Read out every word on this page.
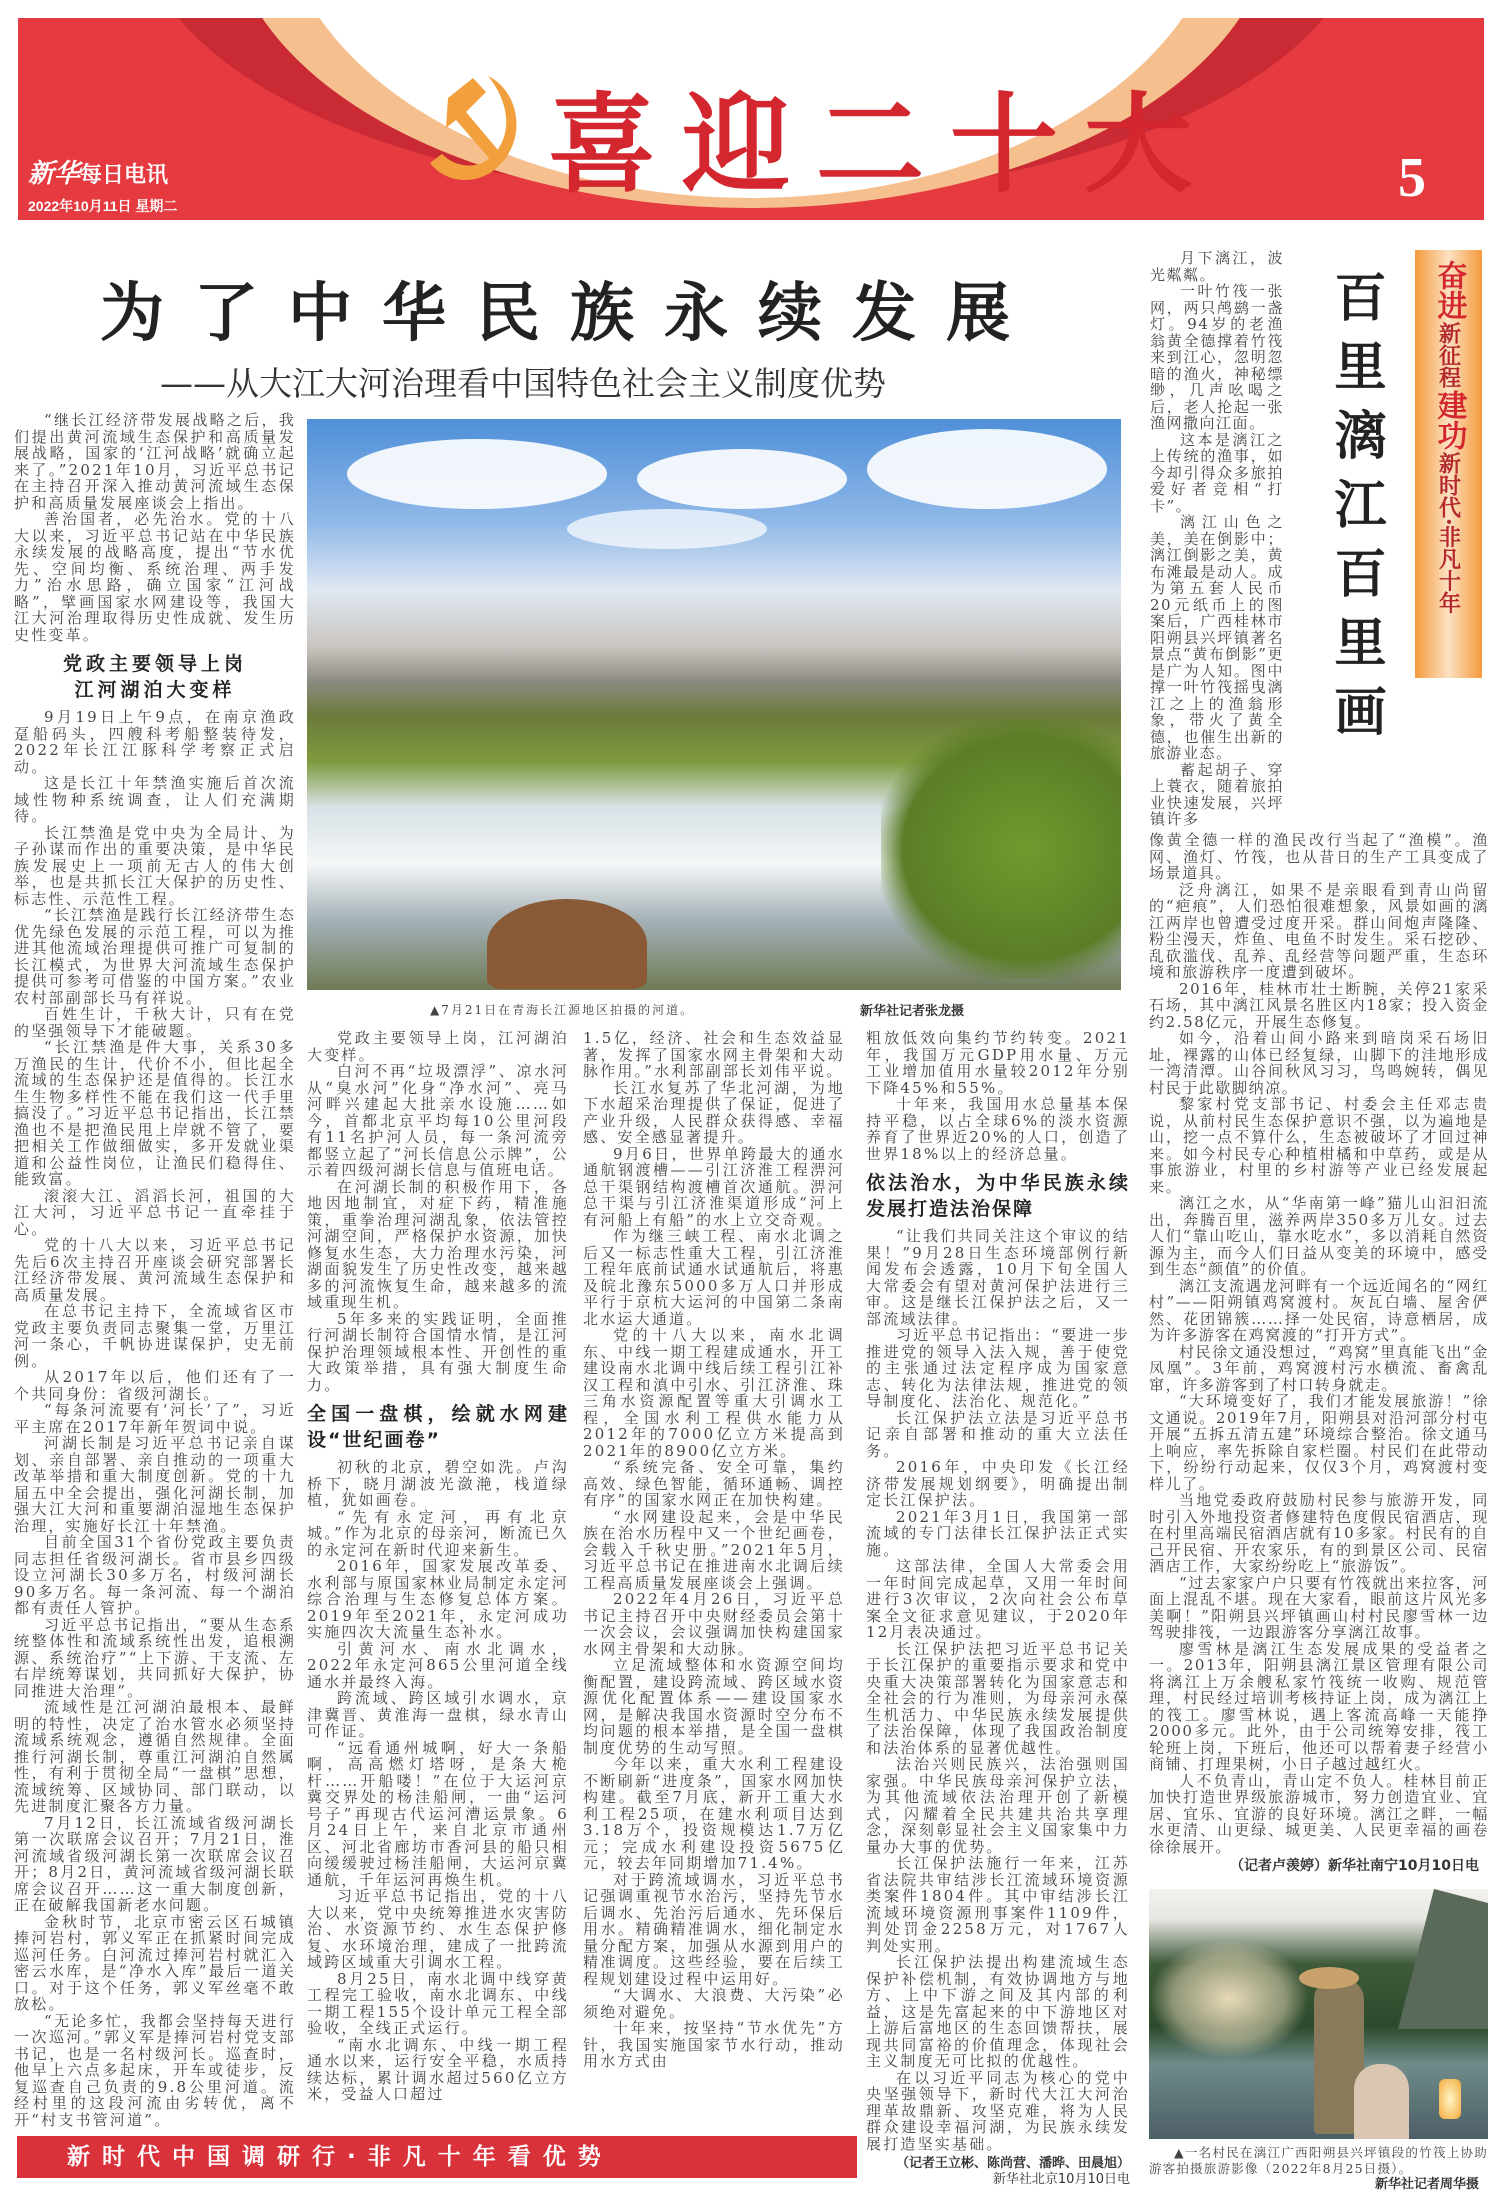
喜迎二十大
新华每日电讯
2022年10月11日 星期二	5
为了中华民族永续发展
——从大江大河治理看中国特色社会主义制度优势
▲7月21日在青海长江源地区拍摄的河道。	新华社记者张龙摄

“继长江经济带发展战略之后，我们提出黄河流域生态保护和高质量发展战略，国家的‘江河战略’就确立起来了。”2021年10月，习近平总书记在主持召开深入推动黄河流域生态保护和高质量发展座谈会上指出。

善治国者，必先治水。党的十八大以来，习近平总书记站在中华民族永续发展的战略高度，提出“节水优先、空间均衡、系统治理、两手发力”治水思路，确立国家“江河战略”，擘画国家水网建设等，我国大江大河治理取得历史性成就、发生历史性变革。

党政主要领导上岗
江河湖泊大变样

9月19日上午9点，在南京渔政趸船码头，四艘科考船整装待发，2022年长江江豚科学考察正式启动。

这是长江十年禁渔实施后首次流域性物种系统调查，让人们充满期待。

长江禁渔是党中央为全局计、为子孙谋而作出的重要决策，是中华民族发展史上一项前无古人的伟大创举，也是共抓长江大保护的历史性、标志性、示范性工程。

“长江禁渔是践行长江经济带生态优先绿色发展的示范工程，可以为推进其他流域治理提供可推广可复制的长江模式，为世界大河流域生态保护提供可参考可借鉴的中国方案。”农业农村部副部长马有祥说。

百姓生计，千秋大计，只有在党的坚强领导下才能破题。

“长江禁渔是件大事，关系30多万渔民的生计，代价不小，但比起全流域的生态保护还是值得的。长江水生生物多样性不能在我们这一代手里搞没了。”习近平总书记指出，长江禁渔也不是把渔民甩上岸就不管了，要把相关工作做细做实，多开发就业渠道和公益性岗位，让渔民们稳得住、能致富。

滚滚大江、滔滔长河，祖国的大江大河，习近平总书记一直牵挂于心。

党的十八大以来，习近平总书记先后6次主持召开座谈会研究部署长江经济带发展、黄河流域生态保护和高质量发展。

在总书记主持下，全流域省区市党政主要负责同志聚集一堂，万里江河一条心，千帆协进谋保护，史无前例。

从2017年以后，他们还有了一个共同身份：省级河湖长。

“每条河流要有‘河长’了”，习近平主席在2017年新年贺词中说。

河湖长制是习近平总书记亲自谋划、亲自部署、亲自推动的一项重大改革举措和重大制度创新。党的十九届五中全会提出，强化河湖长制，加强大江大河和重要湖泊湿地生态保护治理，实施好长江十年禁渔。

目前全国31个省份党政主要负责同志担任省级河湖长。省市县乡四级设立河湖长30多万名，村级河湖长90多万名。每一条河流、每一个湖泊都有责任人管护。

习近平总书记指出，“要从生态系统整体性和流域系统性出发，追根溯源、系统治疗”“上下游、干支流、左右岸统筹谋划，共同抓好大保护，协同推进大治理”。

流域性是江河湖泊最根本、最鲜明的特性，决定了治水管水必须坚持流域系统观念，遵循自然规律。全面推行河湖长制，尊重江河湖泊自然属性，有利于贯彻全局“一盘棋”思想，流域统筹、区域协同、部门联动，以先进制度汇聚各方力量。

7月12日，长江流域省级河湖长第一次联席会议召开；7月21日，淮河流域省级河湖长第一次联席会议召开；8月2日，黄河流域省级河湖长联席会议召开……这一重大制度创新，正在破解我国新老水问题。

金秋时节，北京市密云区石城镇捧河岩村，郭义军正在抓紧时间完成巡河任务。白河流过捧河岩村就汇入密云水库，是“净水入库”最后一道关口。对于这个任务，郭义军丝毫不敢放松。

“无论多忙，我都会坚持每天进行一次巡河。”郭义军是捧河岩村党支部书记，也是一名村级河长。巡查时，他早上六点多起床，开车或徒步，反复巡查自己负责的9.8公里河道。流经村里的这段河流由劣转优，离不开“村支书管河道”。

党政主要领导上岗，江河湖泊大变样。

白河不再“垃圾漂浮”、凉水河从“臭水河”化身“净水河”、亮马河畔兴建起大批亲水设施……如今，首都北京平均每10公里河段有11名护河人员，每一条河流旁都竖立起了“河长信息公示牌”，公示着四级河湖长信息与值班电话。

在河湖长制的积极作用下，各地因地制宜，对症下药，精准施策，重拳治理河湖乱象，依法管控河湖空间，严格保护水资源，加快修复水生态，大力治理水污染，河湖面貌发生了历史性改变，越来越多的河流恢复生命，越来越多的流域重现生机。

5年多来的实践证明，全面推行河湖长制符合国情水情，是江河保护治理领域根本性、开创性的重大政策举措，具有强大制度生命力。

全国一盘棋，绘就水网建设“世纪画卷”

初秋的北京，碧空如洗。卢沟桥下，晓月湖波光潋滟，栈道绿植，犹如画卷。

“先有永定河，再有北京城。”作为北京的母亲河，断流已久的永定河在新时代迎来新生。

2016年，国家发展改革委、水利部与原国家林业局制定永定河综合治理与生态修复总体方案。2019年至2021年，永定河成功实施四次大流量生态补水。

引黄河水、南水北调水，2022年永定河865公里河道全线通水并最终入海。

跨流域、跨区域引水调水，京津冀晋、黄淮海一盘棋，绿水青山可作证。

“远看通州城啊，好大一条船啊，高高燃灯塔呀，是条大桅杆……开船喽！”在位于大运河京冀交界处的杨洼船闸，一曲“运河号子”再现古代运河漕运景象。6月24日上午，来自北京市通州区、河北省廊坊市香河县的船只相向缓缓驶过杨洼船闸，大运河京冀通航，千年运河再焕生机。

习近平总书记指出，党的十八大以来，党中央统筹推进水灾害防治、水资源节约、水生态保护修复、水环境治理，建成了一批跨流域跨区域重大引调水工程。

8月25日，南水北调中线穿黄工程完工验收，南水北调东、中线一期工程155个设计单元工程全部验收，全线正式运行。

“南水北调东、中线一期工程通水以来，运行安全平稳，水质持续达标，累计调水超过560亿立方米，受益人口超过

1.5亿，经济、社会和生态效益显著，发挥了国家水网主骨架和大动脉作用。”水利部副部长刘伟平说。

长江水复苏了华北河湖，为地下水超采治理提供了保证，促进了产业升级，人民群众获得感、幸福感、安全感显著提升。

9月6日，世界单跨最大的通水通航钢渡槽——引江济淮工程淠河总干渠钢结构渡槽首次通航。淠河总干渠与引江济淮渠道形成“河上有河船上有船”的水上立交奇观。

作为继三峡工程、南水北调之后又一标志性重大工程，引江济淮工程年底前试通水试通航后，将惠及皖北豫东5000多万人口并形成平行于京杭大运河的中国第二条南北水运大通道。

党的十八大以来，南水北调东、中线一期工程建成通水，开工建设南水北调中线后续工程引江补汉工程和滇中引水、引江济淮、珠三角水资源配置等重大引调水工程，全国水利工程供水能力从2012年的7000亿立方米提高到2021年的8900亿立方米。

“系统完备、安全可靠，集约高效、绿色智能，循环通畅、调控有序”的国家水网正在加快构建。

“水网建设起来，会是中华民族在治水历程中又一个世纪画卷，会载入千秋史册。”2021年5月，习近平总书记在推进南水北调后续工程高质量发展座谈会上强调。

2022年4月26日，习近平总书记主持召开中央财经委员会第十一次会议，会议强调加快构建国家水网主骨架和大动脉。

立足流域整体和水资源空间均衡配置，建设跨流域、跨区域水资源优化配置体系——建设国家水网，是解决我国水资源时空分布不均问题的根本举措，是全国一盘棋制度优势的生动写照。

今年以来，重大水利工程建设不断刷新“进度条”，国家水网加快构建。截至7月底，新开工重大水利工程25项，在建水利项目达到3.18万个，投资规模达1.7万亿元；完成水利建设投资5675亿元，较去年同期增加71.4%。

对于跨流域调水，习近平总书记强调重视节水治污，坚持先节水后调水、先治污后通水、先环保后用水。精确精准调水，细化制定水量分配方案，加强从水源到用户的精准调度。这些经验，要在后续工程规划建设过程中运用好。

“大调水、大浪费、大污染”必须绝对避免。

十年来，按坚持“节水优先”方针，我国实施国家节水行动，推动用水方式由

粗放低效向集约节约转变。2021年，我国万元GDP用水量、万元工业增加值用水量较2012年分别下降45%和55%。

十年来，我国用水总量基本保持平稳，以占全球6%的淡水资源养育了世界近20%的人口，创造了世界18%以上的经济总量。

依法治水，为中华民族永续发展打造法治保障

“让我们共同关注这个审议的结果！”9月28日生态环境部例行新闻发布会透露，10月下旬全国人大常委会有望对黄河保护法进行三审。这是继长江保护法之后，又一部流域法律。

习近平总书记指出：“要进一步推进党的领导入法入规，善于使党的主张通过法定程序成为国家意志、转化为法律法规，推进党的领导制度化、法治化、规范化。”

长江保护法立法是习近平总书记亲自部署和推动的重大立法任务。

2016年，中央印发《长江经济带发展规划纲要》，明确提出制定长江保护法。

2021年3月1日，我国第一部流域的专门法律长江保护法正式实施。

这部法律，全国人大常委会用一年时间完成起草，又用一年时间进行3次审议，2次向社会公布草案全文征求意见建议，于2020年12月表决通过。

长江保护法把习近平总书记关于长江保护的重要指示要求和党中央重大决策部署转化为国家意志和全社会的行为准则，为母亲河永葆生机活力、中华民族永续发展提供了法治保障，体现了我国政治制度和法治体系的显著优越性。

法治兴则民族兴，法治强则国家强。中华民族母亲河保护立法，为其他流域依法治理开创了新模式，闪耀着全民共建共治共享理念，深刻彰显社会主义国家集中力量办大事的优势。

长江保护法施行一年来，江苏省法院共审结涉长江流域环境资源类案件1804件。其中审结涉长江流域环境资源刑事案件1109件，判处罚金2258万元，对1767人判处实刑。

长江保护法提出构建流域生态保护补偿机制，有效协调地方与地方、上中下游之间及其内部的利益，这是先富起来的中下游地区对上游后富地区的生态回馈帮扶，展现共同富裕的价值理念，体现社会主义制度无可比拟的优越性。

在以习近平同志为核心的党中央坚强领导下，新时代大江大河治理革故鼎新、攻坚克难，将为人民群众建设幸福河湖，为民族永续发展打造坚实基础。

（记者王立彬、陈尚营、潘晔、田晨旭）
新华社北京10月10日电

月下漓江，波光粼粼。

一叶竹筏一张网，两只鸬鹚一盏灯。94岁的老渔翁黄全德撑着竹筏来到江心，忽明忽暗的渔火，神秘缥缈，几声吆喝之后，老人抡起一张渔网撒向江面。

这本是漓江之上传统的渔事，如今却引得众多旅拍爱好者竞相“打卡”。

漓江山色之美，美在倒影中；漓江倒影之美，黄布滩最是动人。成为第五套人民币20元纸币上的图案后，广西桂林市阳朔县兴坪镇著名景点“黄布倒影”更是广为人知。图中撑一叶竹筏摇曳漓江之上的渔翁形象，带火了黄全德，也催生出新的旅游业态。

蓄起胡子、穿上蓑衣，随着旅拍业快速发展，兴坪镇许多

百里漓江百里画 奋进
新征程
建功
新时代·非凡十年

像黄全德一样的渔民改行当起了“渔模”。渔网、渔灯、竹筏，也从昔日的生产工具变成了场景道具。

泛舟漓江，如果不是亲眼看到青山尚留的“疤痕”，人们恐怕很难想象，风景如画的漓江两岸也曾遭受过度开采。群山间炮声隆隆、粉尘漫天，炸鱼、电鱼不时发生。采石挖砂、乱砍滥伐、乱养、乱经营等问题严重，生态环境和旅游秩序一度遭到破坏。

2016年，桂林市壮士断腕，关停21家采石场，其中漓江风景名胜区内18家；投入资金约2.58亿元，开展生态修复。

如今，沿着山间小路来到暗岗采石场旧址，裸露的山体已经复绿，山脚下的洼地形成一湾清潭。山谷间秋风习习，鸟鸣婉转，偶见村民于此歇脚纳凉。

黎家村党支部书记、村委会主任邓志贵说，从前村民生态保护意识不强，以为遍地是山，挖一点不算什么，生态被破坏了才回过神来。如今村民专心种植柑橘和中草药，或是从事旅游业，村里的乡村游等产业已经发展起来。

漓江之水，从“华南第一峰”猫儿山汩汩流出，奔腾百里，滋养两岸350多万儿女。过去人们“靠山吃山，靠水吃水”，多以消耗自然资源为主，而今人们日益从变美的环境中，感受到生态“颜值”的价值。

漓江支流遇龙河畔有一个远近闻名的“网红村”——阳朔镇鸡窝渡村。灰瓦白墙、屋舍俨然、花团锦簇……择一处民宿，诗意栖居，成为许多游客在鸡窝渡的“打开方式”。

村民徐文通没想过，“鸡窝”里真能飞出“金凤凰”。3年前，鸡窝渡村污水横流、畜禽乱窜，许多游客到了村口转身就走。

“大环境变好了，我们才能发展旅游！”徐文通说。2019年7月，阳朔县对沿河部分村屯开展“五拆五清五建”环境综合整治。徐文通马上响应，率先拆除自家栏圈。村民们在此带动下，纷纷行动起来，仅仅3个月，鸡窝渡村变样儿了。

当地党委政府鼓励村民参与旅游开发，同时引入外地投资者修建特色度假民宿酒店，现在村里高端民宿酒店就有10多家。村民有的自己开民宿、开农家乐，有的到景区公司、民宿酒店工作，大家纷纷吃上“旅游饭”。

“过去家家户户只要有竹筏就出来拉客，河面上混乱不堪。现在大家看，眼前这片风光多美啊！”阳朔县兴坪镇画山村村民廖雪林一边驾驶排筏，一边跟游客分享漓江故事。

廖雪林是漓江生态发展成果的受益者之一。2013年，阳朔县漓江景区管理有限公司将漓江上万余艘私家竹筏统一收购、规范管理，村民经过培训考核持证上岗，成为漓江上的筏工。廖雪林说，遇上客流高峰一天能挣2000多元。此外，由于公司统筹安排，筏工轮班上岗，下班后，他还可以帮着妻子经营小商铺、打理果树，小日子越过越红火。

人不负青山，青山定不负人。桂林目前正加快打造世界级旅游城市，努力创造宜业、宜居、宜乐、宜游的良好环境。漓江之畔，一幅水更清、山更绿、城更美、人民更幸福的画卷徐徐展开。

（记者卢羡婷）新华社南宁10月10日电
▲一名村民在漓江广西阳朔县兴坪镇段的竹筏上协助游客拍摄旅游影像（2022年8月25日摄）。
新华社记者周华摄
新时代中国调研行·非凡十年看优势
